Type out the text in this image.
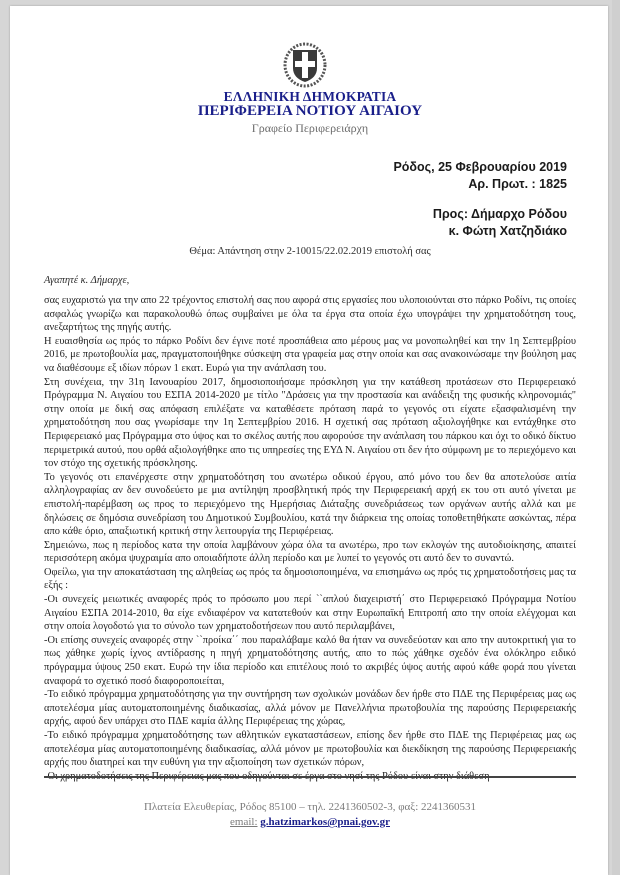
ΕΛΛΗΝΙΚΗ ΔΗΜΟΚΡΑΤΙΑ
ΠΕΡΙΦΕΡΕΙΑ ΝΟΤΙΟΥ ΑΙΓΑΙΟΥ
Γραφείο Περιφερειάρχη
Ρόδος, 25 Φεβρουαρίου 2019
Αρ. Πρωτ. : 1825
Προς: Δήμαρχο Ρόδου
κ. Φώτη Χατζηδιάκο
Θέμα: Απάντηση στην 2-10015/22.02.2019 επιστολή σας
Αγαπητέ κ. Δήμαρχε,

σας ευχαριστώ για την απο 22 τρέχοντος επιστολή σας που αφορά στις εργασίες που υλοποιούνται στο πάρκο Ροδίνι, τις οποίες ασφαλώς γνωρίζω και παρακολουθώ όπως συμβαίνει με όλα τα έργα στα οποία έχω υπογράψει την χρηματοδότηση τους, ανεξαρτήτως της πηγής αυτής.

Η ευαισθησία ως πρός το πάρκο Ροδίνι δεν έγινε ποτέ προσπάθεια απο μέρους μας να μονοπωληθεί και την 1η Σεπτεμβρίου 2016, με πρωτοβουλία μας, πραγματοποιήθηκε σύσκεψη στα γραφεία μας στην οποία και σας ανακοινώσαμε την βούληση μας να διαθέσουμε εξ ιδίων πόρων 1 εκατ. Ευρώ για την ανάπλαση του.

Στη συνέχεια, την 31η Ιανουαρίου 2017, δημοσιοποιήσαμε πρόσκληση για την κατάθεση προτάσεων στο Περιφερειακό Πρόγραμμα Ν. Αιγαίου του ΕΣΠΑ 2014-2020 με τίτλο "Δράσεις για την προστασία και ανάδειξη της φυσικής κληρονομιάς" στην οποία με δική σας απόφαση επιλέξατε να καταθέσετε πρόταση παρά το γεγονός οτι είχατε εξασφαλισμένη την χρηματοδότηση που σας γνωρίσαμε την 1η Σεπτεμβρίου 2016. Η σχετική σας πρόταση αξιολογήθηκε και εντάχθηκε στο Περιφερειακό μας Πρόγραμμα στο ύψος και το σκέλος αυτής που αφορούσε την ανάπλαση του πάρκου και όχι το οδικό δίκτυο περιμετρικά αυτού, που ορθά αξιολογήθηκε απο τις υπηρεσίες της ΕΥΔ Ν. Αιγαίου οτι δεν ήτο σύμφωνη με το περιεχόμενο και τον στόχο της σχετικής πρόσκλησης.

Το γεγονός οτι επανέρχεστε στην χρηματοδότηση του ανωτέρω οδικού έργου, από μόνο του δεν θα αποτελούσε αιτία αλληλογραφίας αν δεν συνοδεύετο με μια αντίληψη προσβλητική πρός την Περιφερειακή αρχή εκ του οτι αυτό γίνεται με επιστολή-παρέμβαση ως προς το περιεχόμενο της Ημερήσιας Διάταξης συνεδριάσεως των οργάνων αυτής αλλά και με δηλώσεις σε δημόσια συνεδρίαση του Δημοτικού Συμβουλίου, κατά την διάρκεια της οποίας τοποθετηθήκατε ασκώντας, πέρα απο κάθε όριο, απαξιωτική κριτική στην λειτουργία της Περιφέρειας.

Σημειώνω, πως η περίοδος κατα την οποία λαμβάνουν χώρα όλα τα ανωτέρω, προ των εκλογών της αυτοδιοίκησης, απαιτεί περισσότερη ακόμα ψυχραιμία απο οποιαδήποτε άλλη περίοδο και με λυπεί το γεγονός οτι αυτό δεν το συναντώ.

Οφείλω, για την αποκατάσταση της αληθείας ως πρός τα δημοσιοποιημένα, να επισημάνω ως πρός τις χρηματοδοτήσεις μας τα εξής :

-Οι συνεχείς μειωτικές αναφορές πρός το πρόσωπο μου περί ``απλού διαχειριστή΄ στο Περιφερειακό Πρόγραμμα Νοτίου Αιγαίου ΕΣΠΑ 2014-2010, θα είχε ενδιαφέρον να κατατεθούν και στην Ευρωπαϊκή Επιτροπή απο την οποία ελέγχομαι και στην οποία λογοδοτώ για το σύνολο των χρηματοδοτήσεων που αυτό περιλαμβάνει,

-Οι επίσης συνεχείς αναφορές στην ``προίκα΄΄ που παραλάβαμε καλό θα ήταν να συνεδεύοταν και απο την αυτοκριτική για το πως χάθηκε χωρίς ίχνος αντίδρασης η πηγή χρηματοδότησης αυτής, απο το πώς χάθηκε σχεδόν ένα ολόκληρο ειδικό πρόγραμμα ύψους 250 εκατ. Ευρώ την ίδια περίοδο και επιτέλους ποιό το ακριβές ύψος αυτής αφού κάθε φορά που γίνεται αναφορά το σχετικό ποσό διαφοροποιείται,

-Το ειδικό πρόγραμμα χρηματοδότησης για την συντήρηση των σχολικών μονάδων δεν ήρθε στο ΠΔΕ της Περιφέρειας μας ως αποτελέσμα μίας αυτοματοποιημένης διαδικασίας, αλλά μόνον με Πανελλήνια πρωτοβουλία της παρούσης Περιφερειακής αρχής, αφού δεν υπάρχει στο ΠΔΕ καμία άλλης Περιφέρειας της χώρας,

-Το ειδικό πρόγραμμα χρηματοδότησης των αθλητικών εγκαταστάσεων, επίσης δεν ήρθε στο ΠΔΕ της Περιφέρειας μας ως αποτελέσμα μίας αυτοματοποιημένης διαδικασίας, αλλά μόνον με πρωτοβουλία και διεκδίκηση της παρούσης Περιφερειακής αρχής που διατηρεί και την ευθύνη για την αξιοποίηση των σχετικών πόρων,

Πλατεία Ελευθερίας, Ρόδος 85100 – τηλ. 2241360502-3, φαξ: 2241360531
email: g.hatzimarkos@pnai.gov.gr
